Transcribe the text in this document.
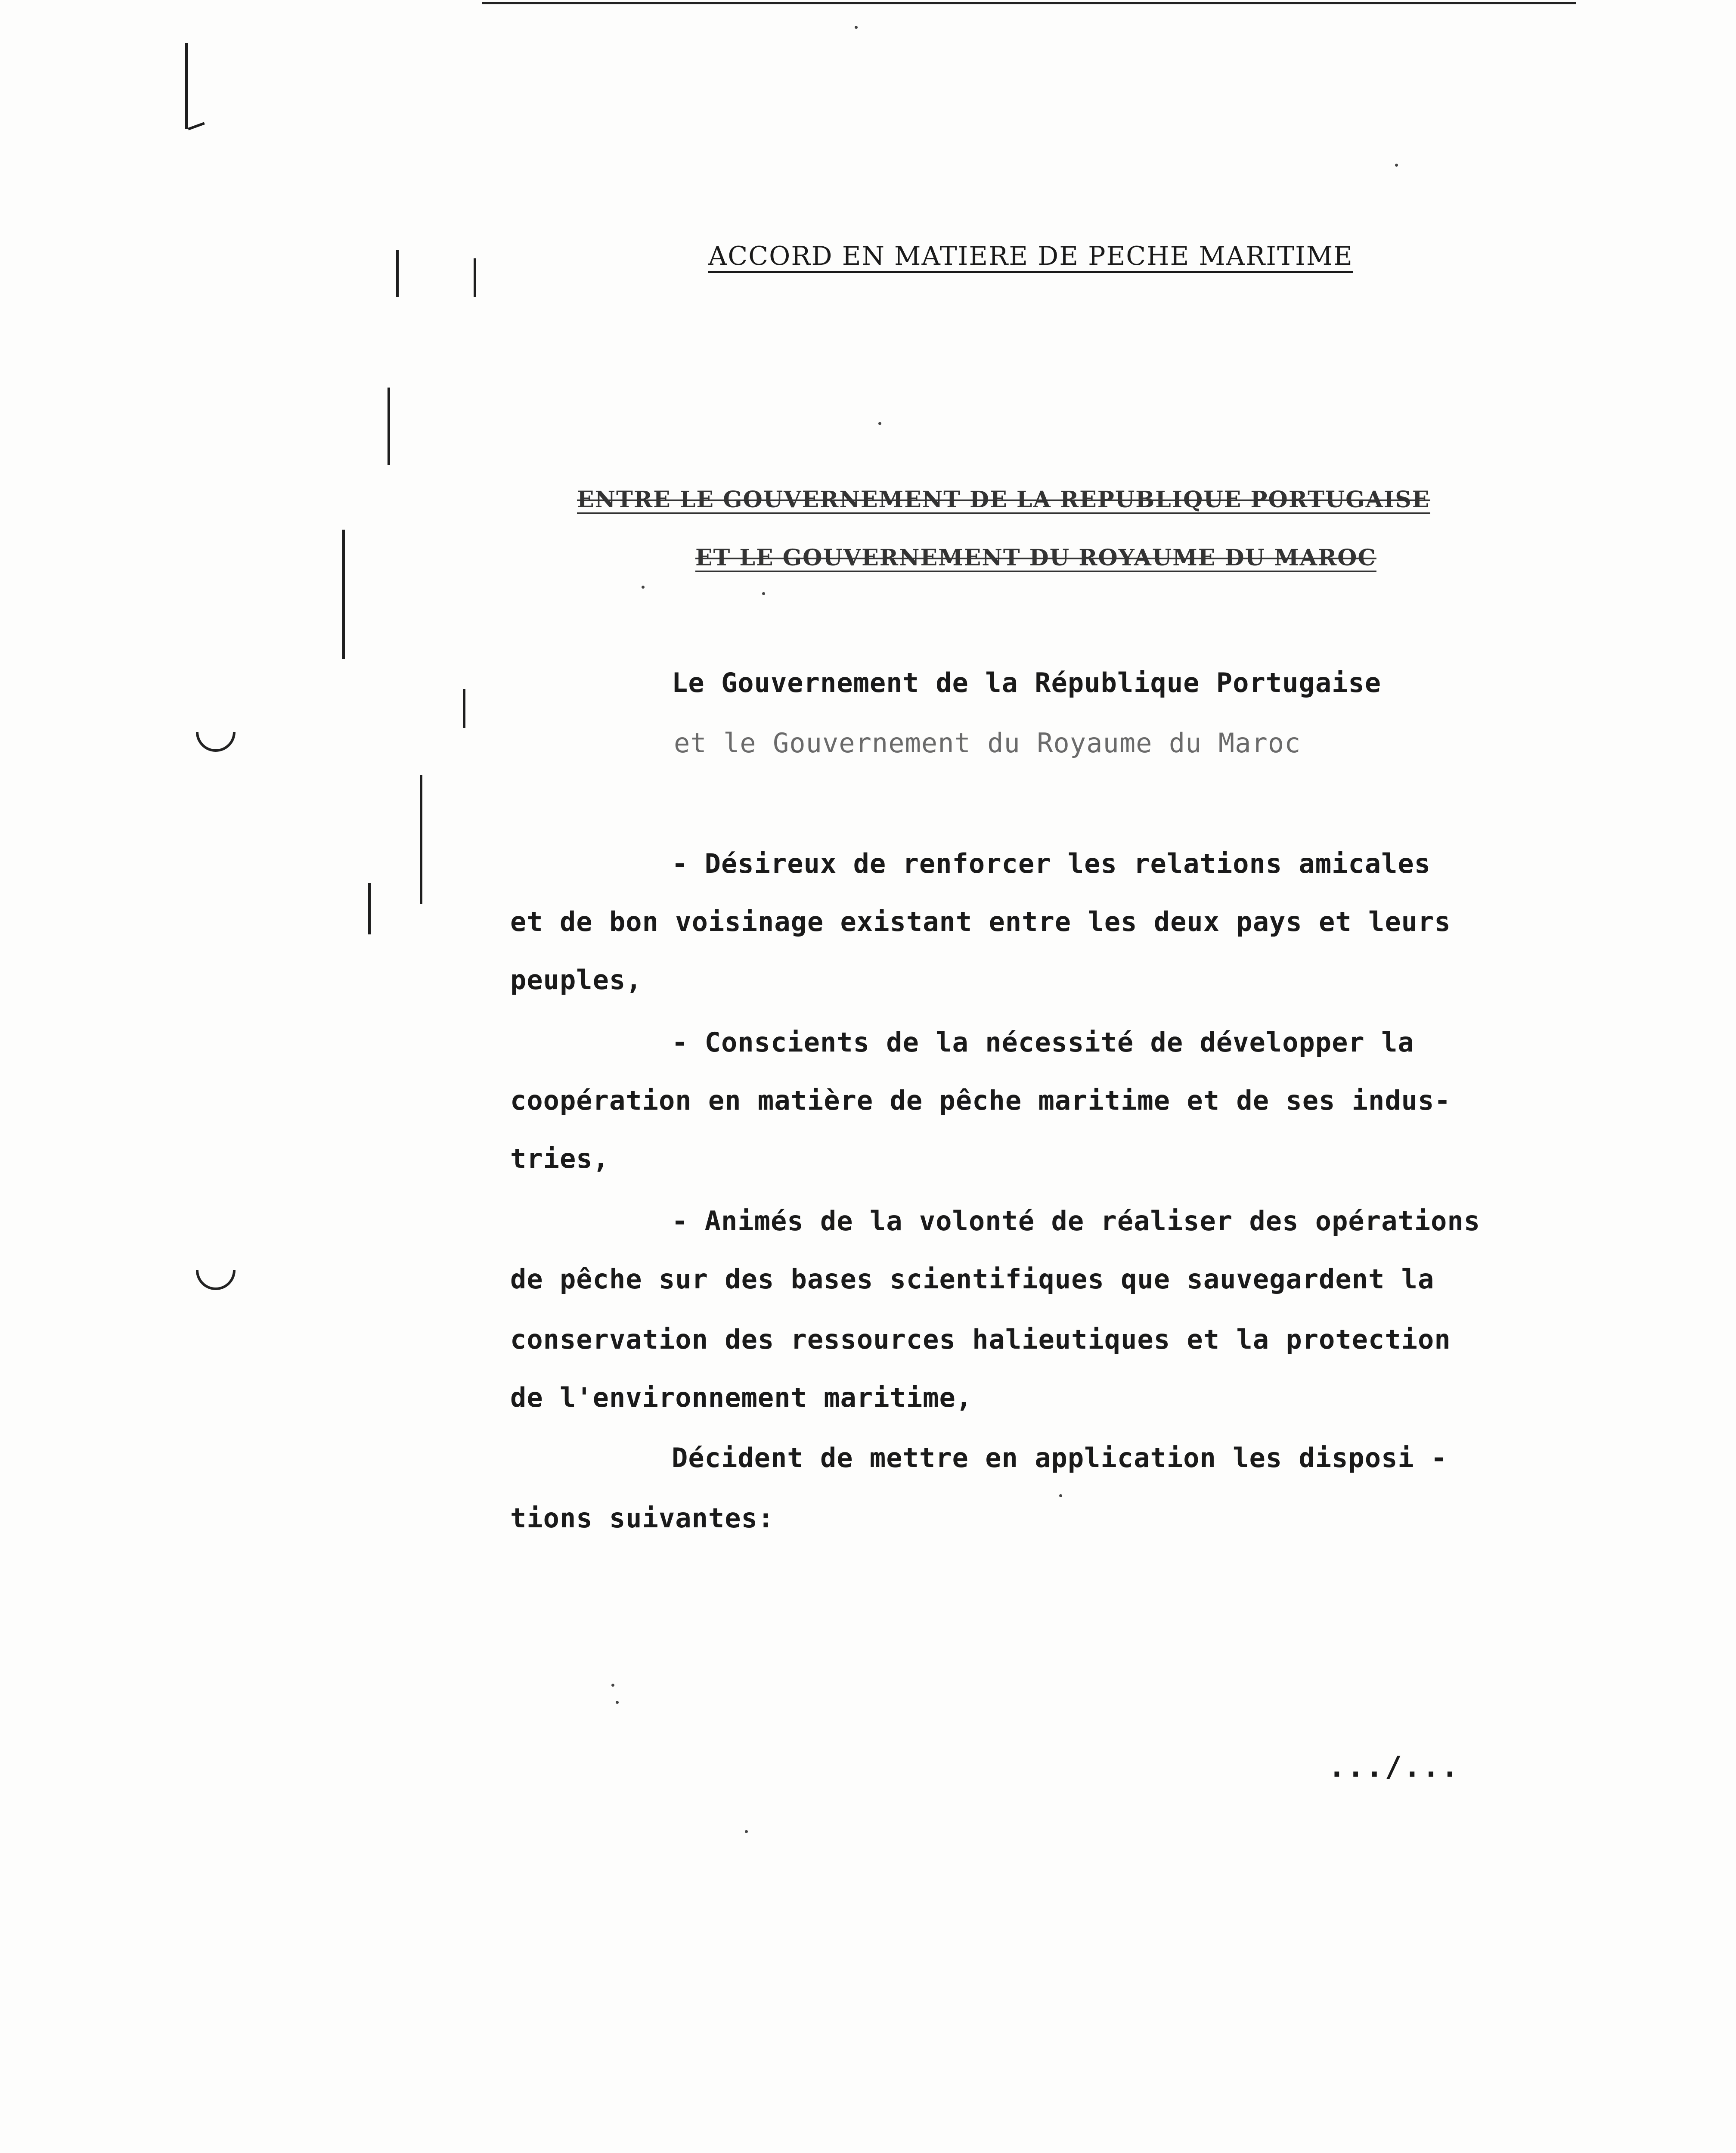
ACCORD EN MATIERE DE PECHE MARITIME
ENTRE LE GOUVERNEMENT DE LA REPUBLIQUE PORTUGAISE
ET LE GOUVERNEMENT DU ROYAUME DU MAROC
Le Gouvernement de la République Portugaise
et le Gouvernement du Royaume du Maroc
- Désireux de renforcer les relations amicales
et de bon voisinage existant entre les deux pays et leurs
peuples,
- Conscients de la nécessité de développer la
coopération en matière de pêche maritime et de ses indus-
tries,
- Animés de la volonté de réaliser des opérations
de pêche sur des bases scientifiques que sauvegardent la
conservation des ressources halieutiques et la protection
de l'environnement maritime,
Décident de mettre en application les disposi -
tions suivantes:
.../...
